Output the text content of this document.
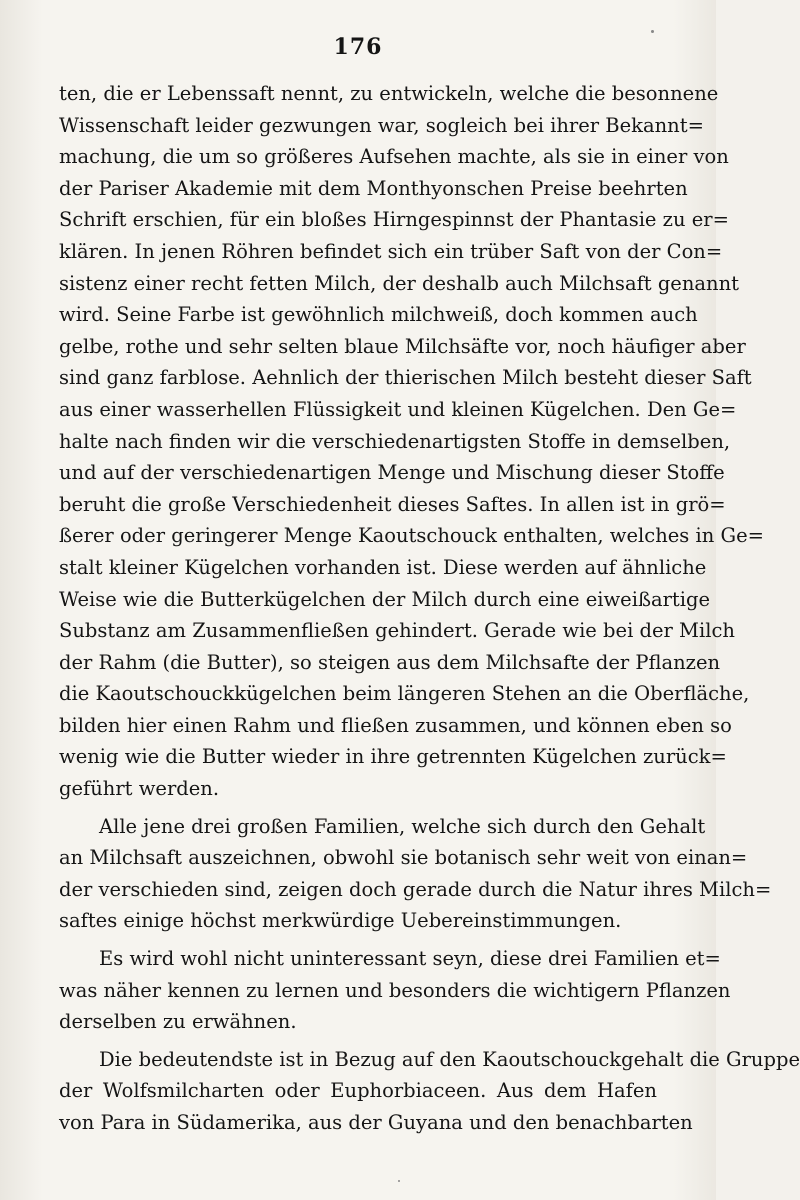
176
ten, die er Lebenssaft nennt, zu entwickeln, welche die besonnene
Wissenschaft leider gezwungen war, sogleich bei ihrer Bekannt=
machung, die um so größeres Aufsehen machte, als sie in einer von
der Pariser Akademie mit dem Monthyonschen Preise beehrten
Schrift erschien, für ein bloßes Hirngespinnst der Phantasie zu er=
klären. In jenen Röhren befindet sich ein trüber Saft von der Con=
sistenz einer recht fetten Milch, der deshalb auch Milchsaft genannt
wird. Seine Farbe ist gewöhnlich milchweiß, doch kommen auch
gelbe, rothe und sehr selten blaue Milchsäfte vor, noch häufiger aber
sind ganz farblose. Aehnlich der thierischen Milch besteht dieser Saft
aus einer wasserhellen Flüssigkeit und kleinen Kügelchen. Den Ge=
halte nach finden wir die verschiedenartigsten Stoffe in demselben,
und auf der verschiedenartigen Menge und Mischung dieser Stoffe
beruht die große Verschiedenheit dieses Saftes. In allen ist in grö=
ßerer oder geringerer Menge Kaoutschouck enthalten, welches in Ge=
stalt kleiner Kügelchen vorhanden ist. Diese werden auf ähnliche
Weise wie die Butterkügelchen der Milch durch eine eiweißartige
Substanz am Zusammenfließen gehindert. Gerade wie bei der Milch
der Rahm (die Butter), so steigen aus dem Milchsafte der Pflanzen
die Kaoutschouckkügelchen beim längeren Stehen an die Oberfläche,
bilden hier einen Rahm und fließen zusammen, und können eben so
wenig wie die Butter wieder in ihre getrennten Kügelchen zurück=
geführt werden.
Alle jene drei großen Familien, welche sich durch den Gehalt
an Milchsaft auszeichnen, obwohl sie botanisch sehr weit von einan=
der verschieden sind, zeigen doch gerade durch die Natur ihres Milch=
saftes einige höchst merkwürdige Uebereinstimmungen.
Es wird wohl nicht uninteressant seyn, diese drei Familien et=
was näher kennen zu lernen und besonders die wichtigern Pflanzen
derselben zu erwähnen.
Die bedeutendste ist in Bezug auf den Kaoutschouckgehalt die Gruppe
der Wolfsmilcharten oder Euphorbiaceen. Aus dem Hafen
von Para in Südamerika, aus der Guyana und den benachbarten
